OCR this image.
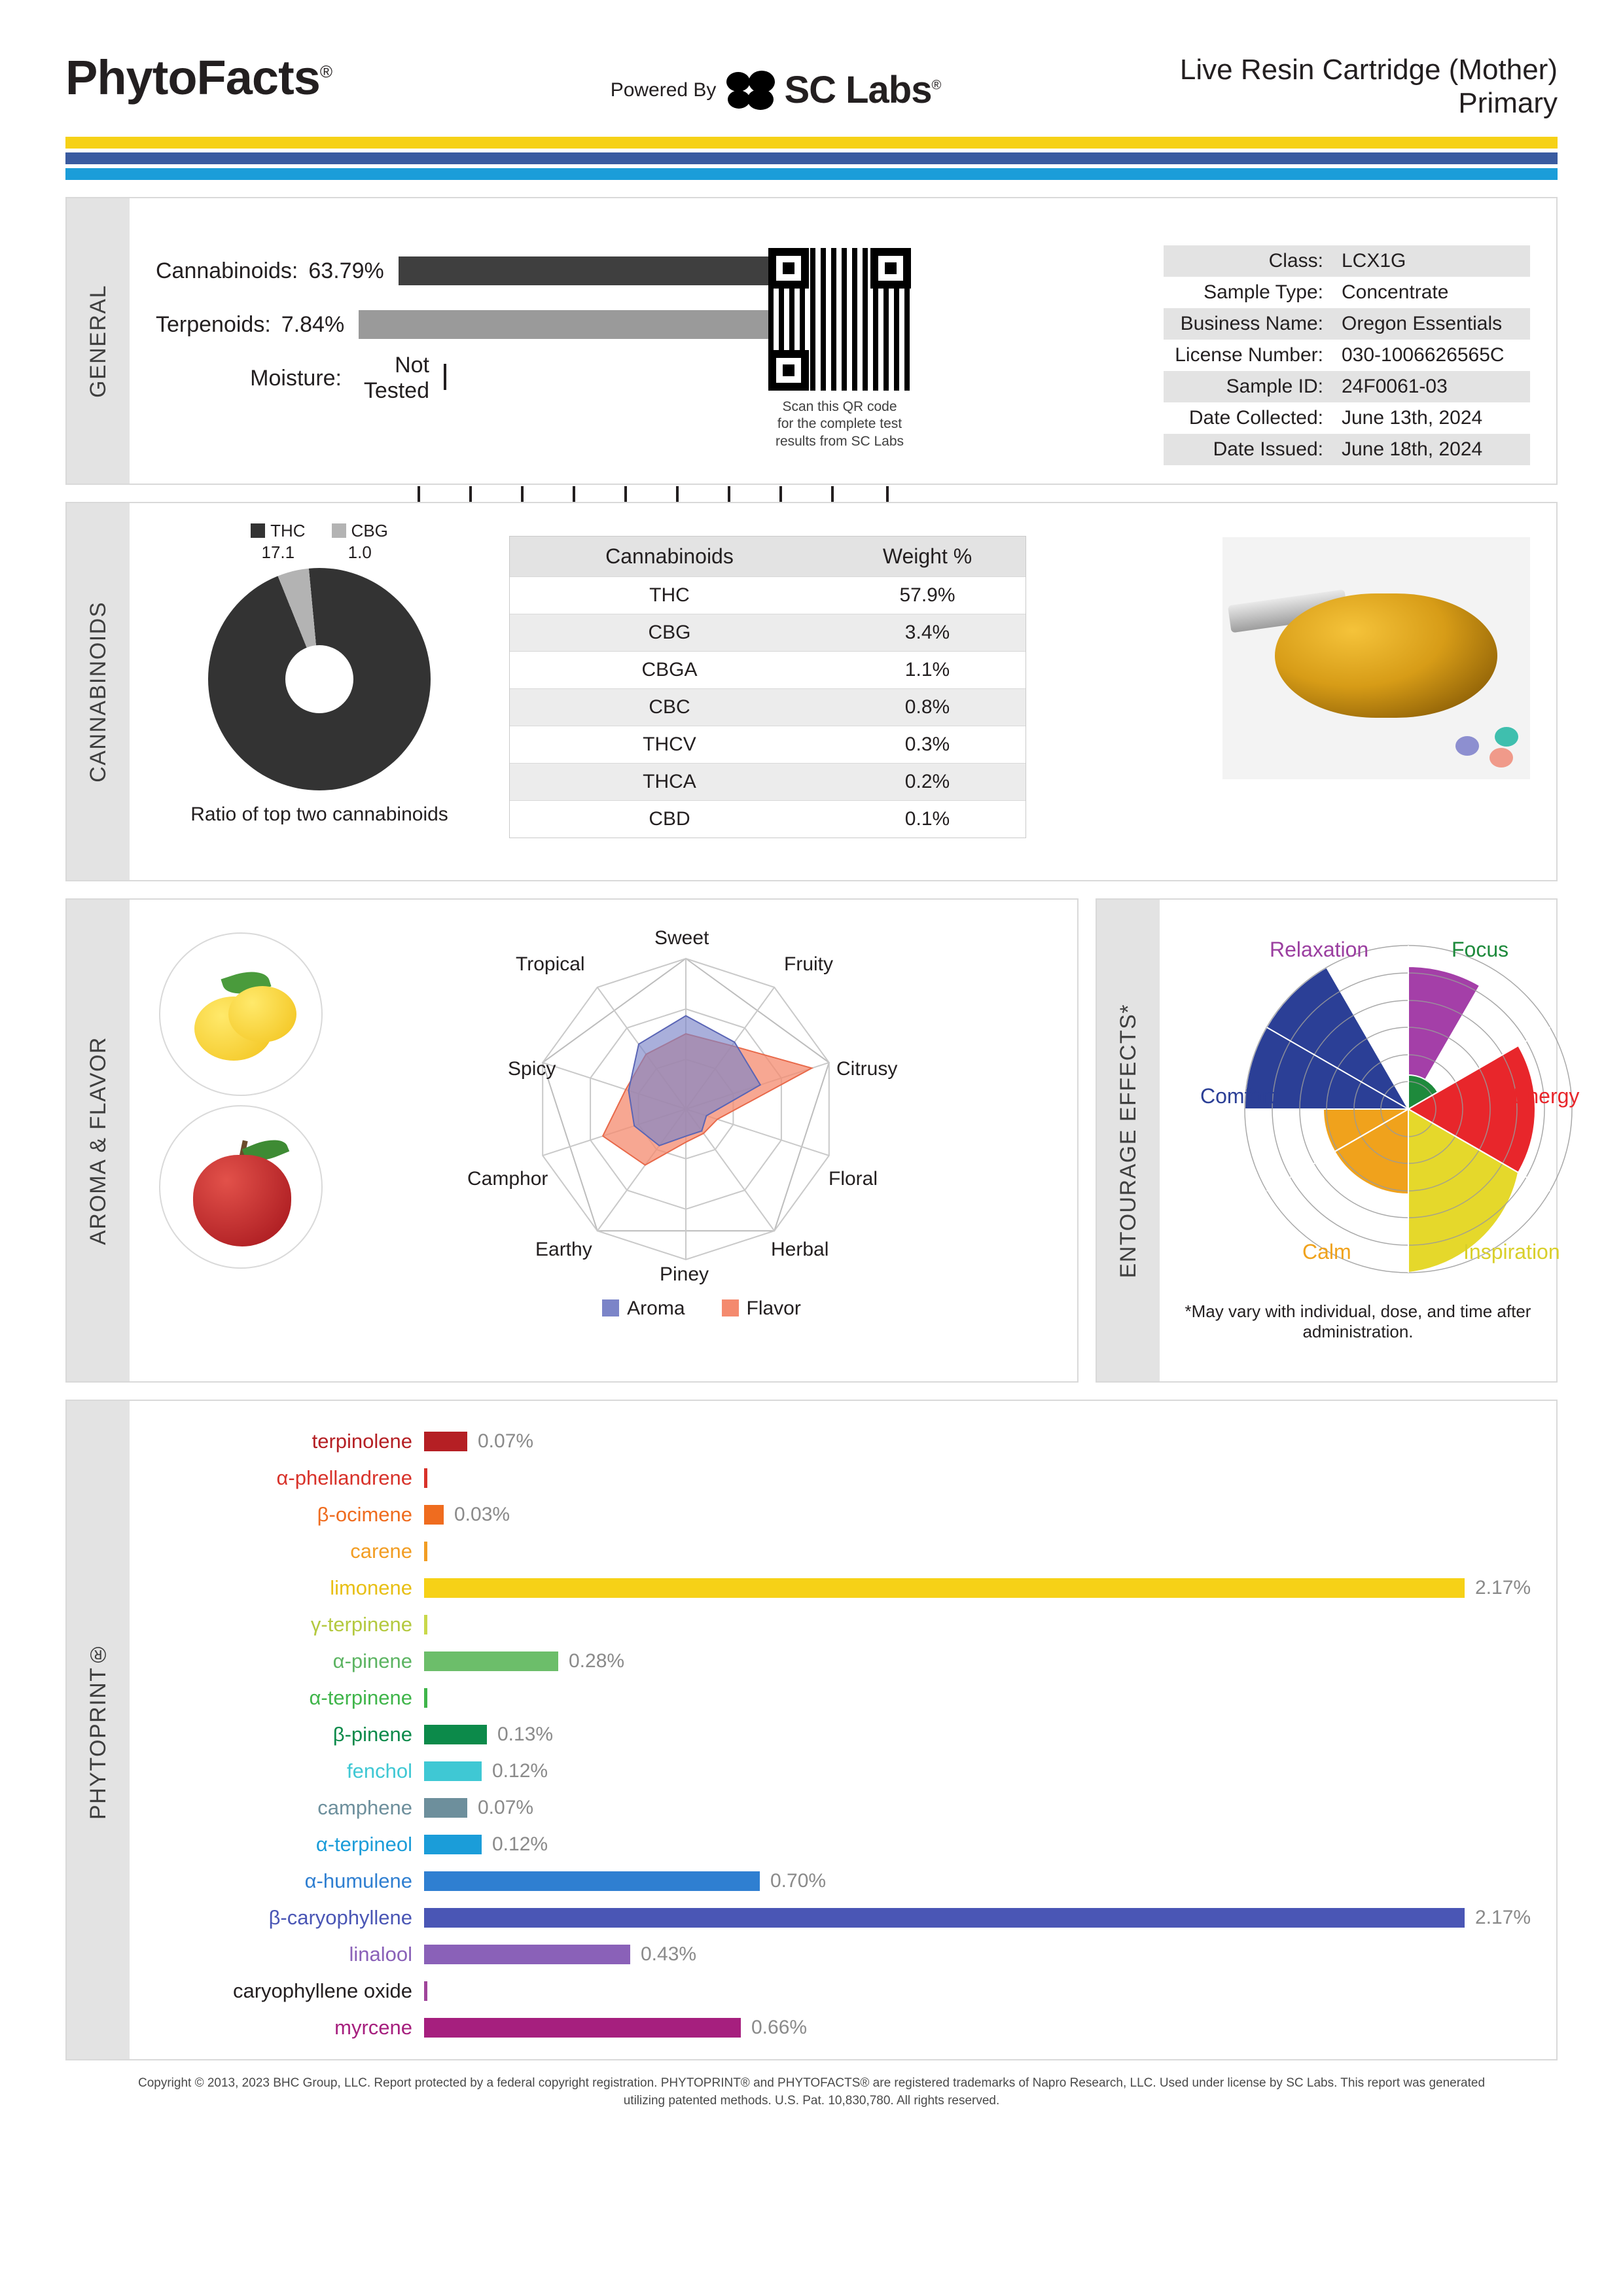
PhytoFacts®
Powered By SC Labs®	Live Resin Cartridge (Mother)
Primary
GENERAL
Cannabinoids: 63.79%
Terpenoids: 7.84%
Moisture:
Not Tested
Scan this QR code
for the complete test
results from SC Labs
Class: LCX1G
Sample Type: Concentrate
Business Name: Oregon Essentials
License Number: 030-1006626565C
Sample ID: 24F0061-03
Date Collected: June 13th, 2024
Date Issued: June 18th, 2024
CANNABINOIDS
THC
17.1
CBG
1.0
Ratio of top two cannabinoids
Cannabinoids	Weight %
THC	57.9%
CBG	3.4%
CBGA	1.1%
CBC	0.8%
THCV	0.3%
THCA	0.2%
CBD	0.1%
AROMA & FLAVOR
Sweet
Fruity
Citrusy
Floral
Herbal
Piney
Earthy
Camphor
Spicy
Tropical
Aroma	Flavor
ENTOURAGE EFFECTS*
Relaxation	Focus
Energy
Inspiration
Calm
Comfort
*May vary with individual, dose, and time after administration.
PHYTOPRINT®
terpinolene	0.07%
α-phellandrene
β-ocimene	0.03%
carene
limonene	2.17%
γ-terpinene
α-pinene	0.28%
α-terpinene
β-pinene	0.13%
fenchol	0.12%
camphene	0.07%
α-terpineol	0.12%
α-humulene	0.70%
β-caryophyllene	2.17%
linalool	0.43%
caryophyllene oxide
myrcene	0.66%
Copyright © 2013, 2023 BHC Group, LLC. Report protected by a federal copyright registration. PHYTOPRINT® and PHYTOFACTS® are registered trademarks of Napro Research, LLC. Used under license by SC Labs. This report was generated utilizing patented methods. U.S. Pat. 10,830,780. All rights reserved.
